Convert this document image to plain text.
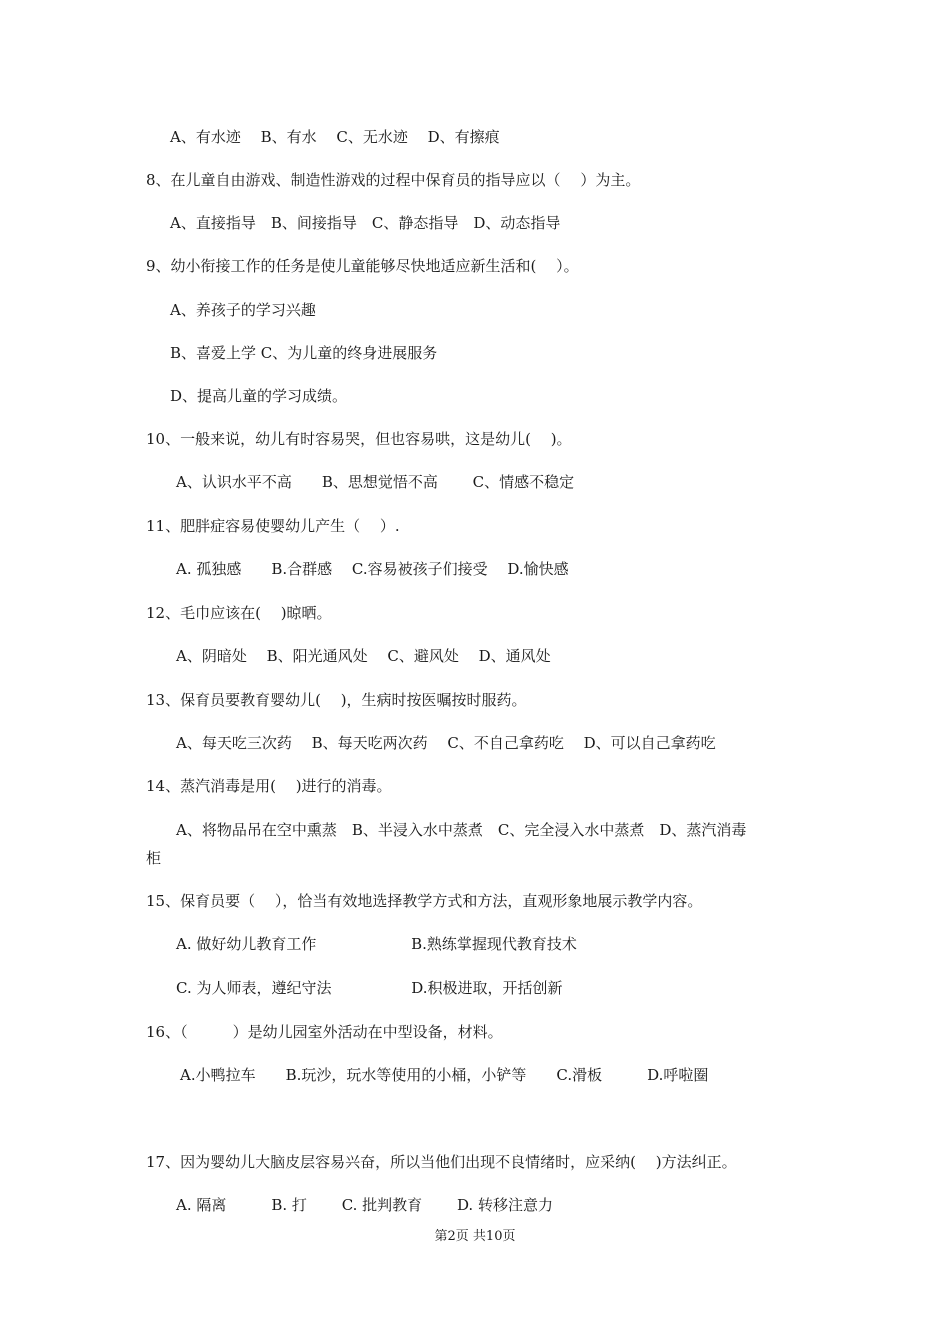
A、有水迹　 B、有水　 C、无水迹　 D、有擦痕
8、在儿童自由游戏、制造性游戏的过程中保育员的指导应以（　 ）为主。
A、直接指导　B、间接指导　C、静态指导　D、动态指导
9、幼小衔接工作的任务是使儿童能够尽快地适应新生活和(　 ）。
A、养孩子的学习兴趣
B、喜爱上学 C、为儿童的终身进展服务
D、提高儿童的学习成绩。
10、一般来说，幼儿有时容易哭，但也容易哄，这是幼儿(　 )。
A、认识水平不高　　B、思想觉悟不高　　 C、情感不稳定
11、肥胖症容易使婴幼儿产生（　 ）.
A. 孤独感　　B.合群感　 C.容易被孩子们接受　 D.愉快感
12、毛巾应该在(　 )晾晒。
A、阴暗处　 B、阳光通风处　 C、避风处　 D、通风处
13、保育员要教育婴幼儿(　 )，生病时按医嘱按时服药。
A、每天吃三次药　 B、每天吃两次药　 C、不自己拿药吃　 D、可以自己拿药吃
14、蒸汽消毒是用(　 )进行的消毒。
A、将物品吊在空中熏蒸　B、半浸入水中蒸煮　C、完全浸入水中蒸煮　D、蒸汽消毒
柜
15、保育员要（　 ），恰当有效地选择教学方式和方法，直观形象地展示教学内容。
A. 做好幼儿教育工作　　　　　　 B.熟练掌握现代教育技术
C. 为人师表，遵纪守法　　　　　 D.积极进取，开括创新
16、（　　　）是幼儿园室外活动在中型设备，材料。
A.小鸭拉车　　B.玩沙，玩水等使用的小桶，小铲等　　C.滑板　　　D.呼啦圈
17、因为婴幼儿大脑皮层容易兴奋，所以当他们出现不良情绪时，应采纳(　 )方法纠正。
A. 隔离　　　B. 打　　 C. 批判教育　　 D. 转移注意力
第2页 共10页
